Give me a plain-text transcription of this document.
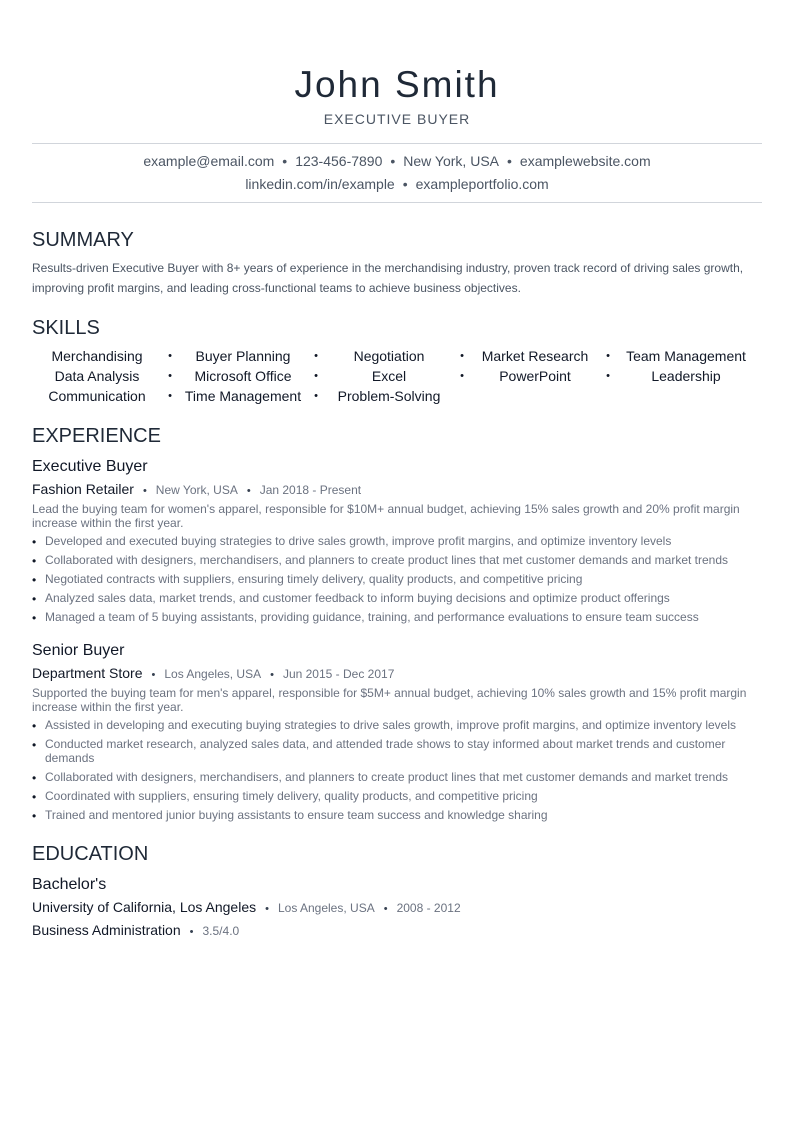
John Smith
EXECUTIVE BUYER
example@email.com • 123-456-7890 • New York, USA • examplewebsite.com
linkedin.com/in/example • exampleportfolio.com
SUMMARY
Results-driven Executive Buyer with 8+ years of experience in the merchandising industry, proven track record of driving sales growth, improving profit margins, and leading cross-functional teams to achieve business objectives.
SKILLS
Merchandising	•	Buyer Planning	•	Negotiation	•	Market Research	•	Team Management
Data Analysis	•	Microsoft Office	•	Excel	•	PowerPoint	•	Leadership
Communication	• Time Management	•	Problem-Solving
EXPERIENCE
Executive Buyer
Fashion Retailer • New York, USA • Jan 2018 - Present
Lead the buying team for women's apparel, responsible for $10M+ annual budget, achieving 15% sales growth and 20% profit margin increase within the first year.
• Developed and executed buying strategies to drive sales growth, improve profit margins, and optimize inventory levels
• Collaborated with designers, merchandisers, and planners to create product lines that met customer demands and market trends
• Negotiated contracts with suppliers, ensuring timely delivery, quality products, and competitive pricing
• Analyzed sales data, market trends, and customer feedback to inform buying decisions and optimize product offerings
• Managed a team of 5 buying assistants, providing guidance, training, and performance evaluations to ensure team success
Senior Buyer
Department Store • Los Angeles, USA • Jun 2015 - Dec 2017
Supported the buying team for men's apparel, responsible for $5M+ annual budget, achieving 10% sales growth and 15% profit margin increase within the first year.
• Assisted in developing and executing buying strategies to drive sales growth, improve profit margins, and optimize inventory levels
• Conducted market research, analyzed sales data, and attended trade shows to stay informed about market trends and customer demands
• Collaborated with designers, merchandisers, and planners to create product lines that met customer demands and market trends
• Coordinated with suppliers, ensuring timely delivery, quality products, and competitive pricing
• Trained and mentored junior buying assistants to ensure team success and knowledge sharing
EDUCATION
Bachelor's
University of California, Los Angeles • Los Angeles, USA • 2008 - 2012
Business Administration • 3.5/4.0
